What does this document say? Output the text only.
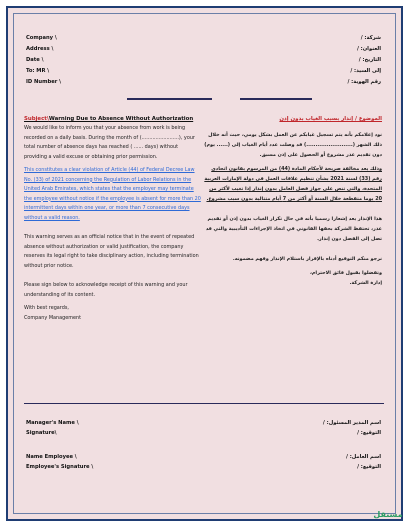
Company \	شركة: /
Address \	العنوان: /
Date \	التاريخ: /
To: MR \	إلى السيد: /
ID Number \	رقم الهوية: /
Subject\Warning Due to Absence Without Authorization

We would like to inform you that your absence from work is being recorded on a daily basis. During the month of (........................), your total number of absence days has reached ( ...... days) without providing a valid excuse or obtaining prior permission.

This constitutes a clear violation of Article (44) of Federal Decree Law No. (33) of 2021 concerning the Regulation of Labor Relations in the United Arab Emirates, which states that the employer may terminate the employee without notice if the employee is absent for more than 20 intermittent days within one year, or more than 7 consecutive days without a valid reason.

This warning serves as an official notice that in the event of repeated absence without authorization or valid justification, the company reserves its legal right to take disciplinary action, including termination without prior notice.

Please sign below to acknowledge receipt of this warning and your understanding of its content.

With best regards,

Company Management

الموضوع / إنذار بسبب الغياب بدون إذن

نود إعلامكم بأنه يتم تسجيل غيابكم عن العمل بشكل يومي، حيث أنه خلال ذلك الشهر (.........................) قد وصلت عدد أيام الغياب إلى (...... يوم) دون تقديم عذر مشروع أو الحصول على إذن مسبق.

وذلك يعد مخالفة صريحة لأحكام المادة (44) من المرسوم بقانون اتحادي رقم (33) لسنة 2021 بشأن تنظيم علاقات العمل في دولة الإمارات العربية المتحدة، والتي تنص على جواز فصل العامل بدون إنذار إذا تغيب لأكثر من 20 يوما متقطعة خلال السنة أو أكثر من 7 أيام متتالية بدون سبب مشروع.

هذا الإنذار يعد إشعارا رسميا بأنه في حال تكرار الغياب بدون إذن أو تقديم عذر، تحتفظ الشركة بحقها القانوني في اتخاذ الإجراءات التأديبية والتي قد تصل إلى الفصل دون إنذار.

نرجو منكم التوقيع أدناه بالإقرار باستلام الإنذار وفهم مضمونه.

وتفضلوا بقبول فائق الاحترام،

إدارة الشركة.

Manager's Name \	اسم المدير المسئول: /
Signature\	التوقيع: /
Name Employee \	اسم العامل: /
Employee's Signature \	التوقيع: /
مستقل
